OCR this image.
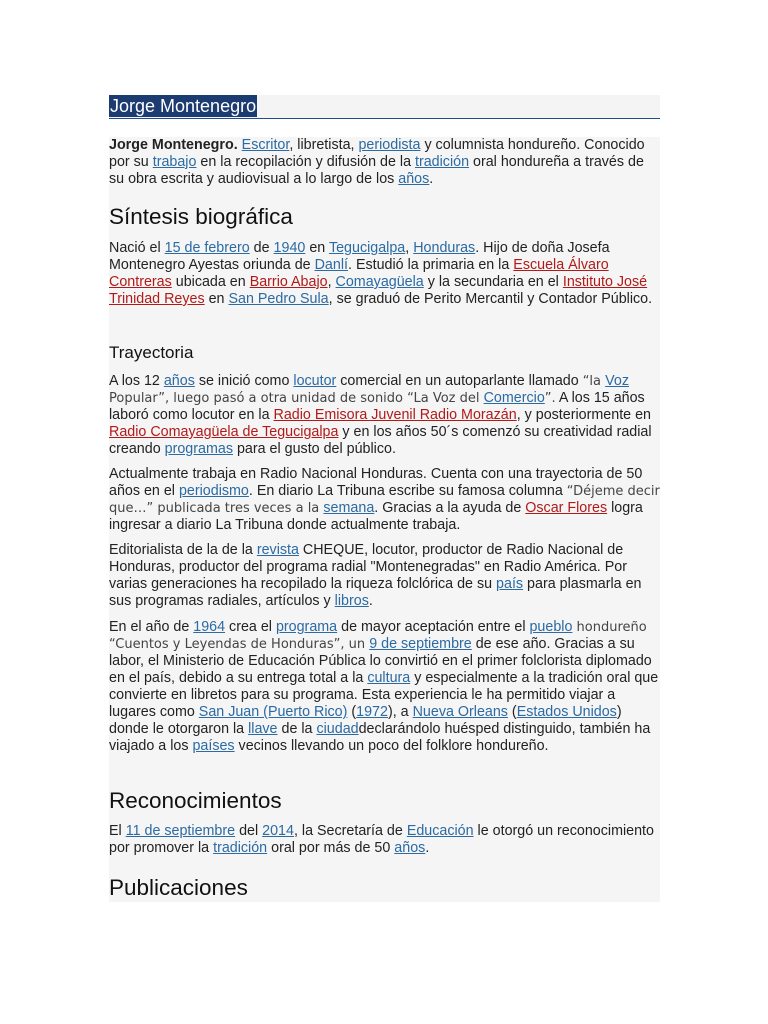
Jorge Montenegro

Jorge Montenegro. Escritor, libretista, periodista y columnista hondureño. Conocido por su trabajo en la recopilación y difusión de la tradición oral hondureña a través de su obra escrita y audiovisual a lo largo de los años.

Síntesis biográfica

Nació el 15 de febrero de 1940 en Tegucigalpa, Honduras. Hijo de doña Josefa Montenegro Ayestas oriunda de Danlí. Estudió la primaria en la Escuela Álvaro Contreras ubicada en Barrio Abajo, Comayagüela y la secundaria en el Instituto José Trinidad Reyes en San Pedro Sula, se graduó de Perito Mercantil y Contador Público.

Trayectoria

A los 12 años se inició como locutor comercial en un autoparlante llamado “la Voz Popular”, luego pasó a otra unidad de sonido “La Voz del Comercio”. A los 15 años laboró como locutor en la Radio Emisora Juvenil Radio Morazán, y posteriormente en Radio Comayagüela de Tegucigalpa y en los años 50´s comenzó su creatividad radial creando programas para el gusto del público.

Actualmente trabaja en Radio Nacional Honduras. Cuenta con una trayectoria de 50 años en el periodismo. En diario La Tribuna escribe su famosa columna “Déjeme decir que…” publicada tres veces a la semana. Gracias a la ayuda de Oscar Flores logra ingresar a diario La Tribuna donde actualmente trabaja.

Editorialista de la de la revista CHEQUE, locutor, productor de Radio Nacional de Honduras, productor del programa radial "Montenegradas" en Radio América. Por varias generaciones ha recopilado la riqueza folclórica de su país para plasmarla en sus programas radiales, artículos y libros.

En el año de 1964 crea el programa de mayor aceptación entre el pueblo hondureño “Cuentos y Leyendas de Honduras”, un 9 de septiembre de ese año. Gracias a su labor, el Ministerio de Educación Pública lo convirtió en el primer folclorista diplomado en el país, debido a su entrega total a la cultura y especialmente a la tradición oral que convierte en libretos para su programa. Esta experiencia le ha permitido viajar a lugares como San Juan (Puerto Rico) (1972), a Nueva Orleans (Estados Unidos) donde le otorgaron la llave de la ciudaddeclarándolo huésped distinguido, también ha viajado a los países vecinos llevando un poco del folklore hondureño.

Reconocimientos

El 11 de septiembre del 2014, la Secretaría de Educación le otorgó un reconocimiento por promover la tradición oral por más de 50 años.

Publicaciones
